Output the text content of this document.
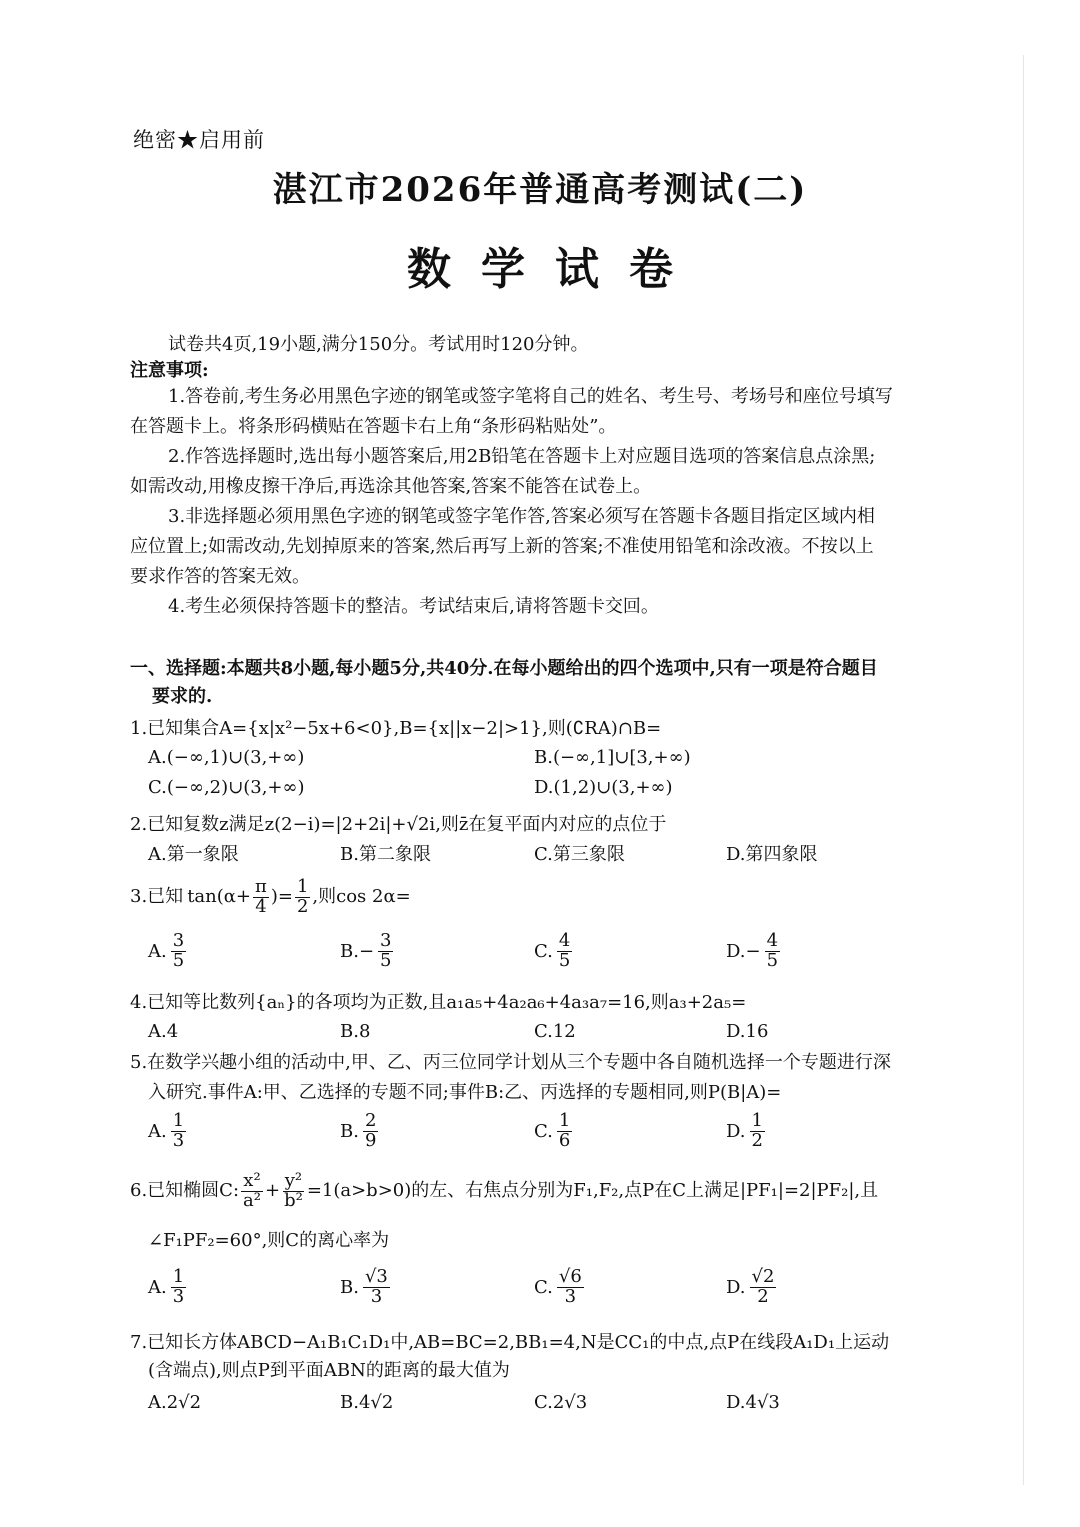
绝密★启用前
湛江市2026年普通高考测试(二)
数学试卷
试卷共4页,19小题,满分150分。考试用时120分钟。
注意事项:
1.答卷前,考生务必用黑色字迹的钢笔或签字笔将自己的姓名、考生号、考场号和座位号填写
在答题卡上。将条形码横贴在答题卡右上角“条形码粘贴处”。
2.作答选择题时,选出每小题答案后,用2B铅笔在答题卡上对应题目选项的答案信息点涂黑;
如需改动,用橡皮擦干净后,再选涂其他答案,答案不能答在试卷上。
3.非选择题必须用黑色字迹的钢笔或签字笔作答,答案必须写在答题卡各题目指定区域内相
应位置上;如需改动,先划掉原来的答案,然后再写上新的答案;不准使用铅笔和涂改液。不按以上
要求作答的答案无效。
4.考生必须保持答题卡的整洁。考试结束后,请将答题卡交回。
一、选择题:本题共8小题,每小题5分,共40分.在每小题给出的四个选项中,只有一项是符合题目
要求的.
1.已知集合A={x|x²−5x+6<0},B={x||x−2|>1},则(∁RA)∩B=
A.(−∞,1)∪(3,+∞)	B.(−∞,1]∪[3,+∞)
C.(−∞,2)∪(3,+∞)	D.(1,2)∪(3,+∞)
2.已知复数z满足z(2−i)=|2+2i|+√2i,则z̄在复平面内对应的点位于
A.第一象限	B.第二象限	C.第三象限	D.第四象限
3.已知 $\tan(\alpha+ \frac{\pi}{4}$ )= $\frac{1}{2}$ ,则cos 2α=
A. $\frac{3}{5}$	$B.- \frac{3}{5}$	C. $\frac{4}{5}$	$D.- \frac{4}{5}$
4.已知等比数列{aₙ}的各项均为正数,且a₁a₅+4a₂a₆+4a₃a₇=16,则a₃+2a₅=
A.4	B.8	C.12	D.16
5.在数学兴趣小组的活动中,甲、乙、丙三位同学计划从三个专题中各自随机选择一个专题进行深
入研究.事件A:甲、乙选择的专题不同;事件B:乙、丙选择的专题相同,则P(B|A)=
A. $\frac{1}{3}$	B. $\frac{2}{9}$	C. $\frac{1}{6}$	D. $\frac{1}{2}$
6.已知椭圆C: $\frac{\text{x²}}{\text{a²}} + \frac{\text{y²}}{\text{b²}} =1(a>b>0)$的左、右焦点分别为F₁,F₂,点P在C上满足|PF₁|=2|PF₂|,且
∠F₁PF₂=60°,则C的离心率为
A. $\frac{1}{3}$	B. $\frac{√3}{3}$	C. $\frac{√6}{3}$	D. $\frac{√2}{2}$
7.已知长方体ABCD−A₁B₁C₁D₁中,AB=BC=2,BB₁=4,N是CC₁的中点,点P在线段A₁D₁上运动
(含端点),则点P到平面ABN的距离的最大值为
A.2√2	B.4√2	C.2√3	D.4√3
